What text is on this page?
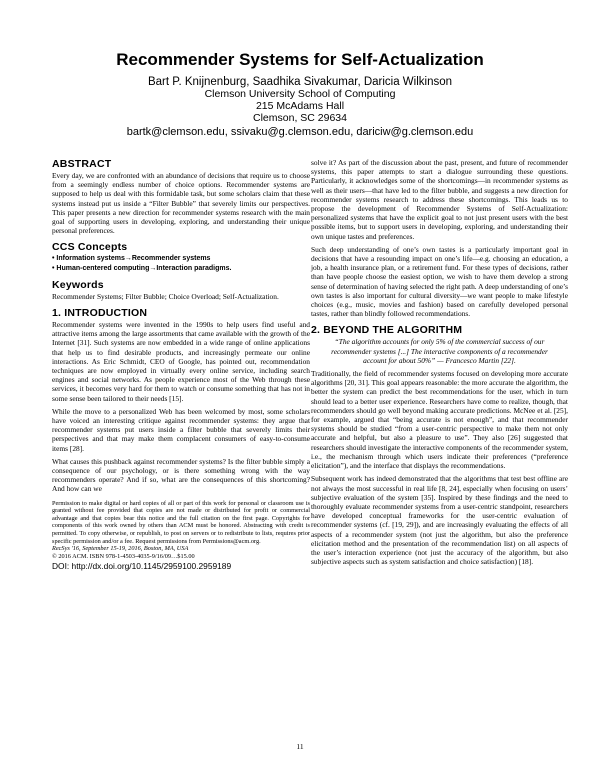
Recommender Systems for Self-Actualization
Bart P. Knijnenburg, Saadhika Sivakumar, Daricia Wilkinson
Clemson University School of Computing
215 McAdams Hall
Clemson, SC 29634
bartk@clemson.edu, ssivaku@g.clemson.edu, dariciw@g.clemson.edu
ABSTRACT

Every day, we are confronted with an abundance of decisions that require us to choose from a seemingly endless number of choice options. Recommender systems are supposed to help us deal with this formidable task, but some scholars claim that these systems instead put us inside a “Filter Bubble” that severely limits our perspectives. This paper presents a new direction for recommender systems research with the main goal of supporting users in developing, exploring, and understanding their unique personal preferences.

CCS Concepts
• Information systems→Recommender systems
• Human-centered computing→Interaction paradigms.
Keywords

Recommender Systems; Filter Bubble; Choice Overload; Self-Actualization.

1. INTRODUCTION

Recommender systems were invented in the 1990s to help users find useful and attractive items among the large assortments that came available with the growth of the Internet [31]. Such systems are now embedded in a wide range of online applications that help us to find desirable products, and increasingly permeate our online interactions. As Eric Schmidt, CEO of Google, has pointed out, recommendation techniques are now employed in virtually every online service, including search engines and social networks. As people experience most of the Web through these services, it becomes very hard for them to watch or consume something that has not in some sense been tailored to their needs [15].

While the move to a personalized Web has been welcomed by most, some scholars have voiced an interesting critique against recommender systems: they argue that recommender systems put users inside a filter bubble that severely limits their perspectives and that may make them complacent consumers of easy-to-consume items [28].

What causes this pushback against recommender systems? Is the filter bubble simply a consequence of our psychology, or is there something wrong with the way recommenders operate? And if so, what are the consequences of this shortcoming? And how can we

Permission to make digital or hard copies of all or part of this work for personal or classroom use is granted without fee provided that copies are not made or distributed for profit or commercial advantage and that copies bear this notice and the full citation on the first page. Copyrights for components of this work owned by others than ACM must be honored. Abstracting with credit is permitted. To copy otherwise, or republish, to post on servers or to redistribute to lists, requires prior specific permission and/or a fee. Request permissions from Permissions@acm.org.
RecSys '16, September 15-19, 2016, Boston, MA, USA
© 2016 ACM. ISBN 978-1-4503-4035-9/16/09…$15.00
DOI: http://dx.doi.org/10.1145/2959100.2959189

solve it? As part of the discussion about the past, present, and future of recommender systems, this paper attempts to start a dialogue surrounding these questions. Particularly, it acknowledges some of the shortcomings—in recommender systems as well as their users—that have led to the filter bubble, and suggests a new direction for recommender systems research to address these shortcomings. This leads us to propose the development of Recommender Systems of Self-Actualization: personalized systems that have the explicit goal to not just present users with the best possible items, but to support users in developing, exploring, and understanding their own unique tastes and preferences.

Such deep understanding of one’s own tastes is a particularly important goal in decisions that have a resounding impact on one’s life—e.g. choosing an education, a job, a health insurance plan, or a retirement fund. For these types of decisions, rather than have people choose the easiest option, we wish to have them develop a strong sense of determination of having selected the right path. A deep understanding of one’s own tastes is also important for cultural diversity—we want people to make lifestyle choices (e.g., music, movies and fashion) based on carefully developed personal tastes, rather than blindly followed recommendations.

2. BEYOND THE ALGORITHM
“The algorithm accounts for only 5% of the commercial success of our recommender systems [...] The interactive components of a recommender account for about 50%” — Francesco Martin [22].

Traditionally, the field of recommender systems focused on developing more accurate algorithms [20, 31]. This goal appears reasonable: the more accurate the algorithm, the better the system can predict the best recommendations for the user, which in turn should lead to a better user experience. Researchers have come to realize, though, that recommenders should go well beyond making accurate predictions. McNee et al. [25], for example, argued that “being accurate is not enough”, and that recommender systems should be studied “from a user-centric perspective to make them not only accurate and helpful, but also a pleasure to use”. They also [26] suggested that researchers should investigate the interactive components of the recommender system, i.e., the mechanism through which users indicate their preferences (“preference elicitation”), and the interface that displays the recommendations.

Subsequent work has indeed demonstrated that the algorithms that test best offline are not always the most successful in real life [8, 24], especially when focusing on users’ subjective evaluation of the system [35]. Inspired by these findings and the need to thoroughly evaluate recommender systems from a user-centric standpoint, researchers have developed conceptual frameworks for the user-centric evaluation of recommender systems (cf. [19, 29]), and are increasingly evaluating the effects of all aspects of a recommender system (not just the algorithm, but also the preference elicitation method and the presentation of the recommendation list) on all aspects of the user’s interaction experience (not just the accuracy of the algorithm, but also subjective aspects such as system satisfaction and choice satisfaction) [18].

11
